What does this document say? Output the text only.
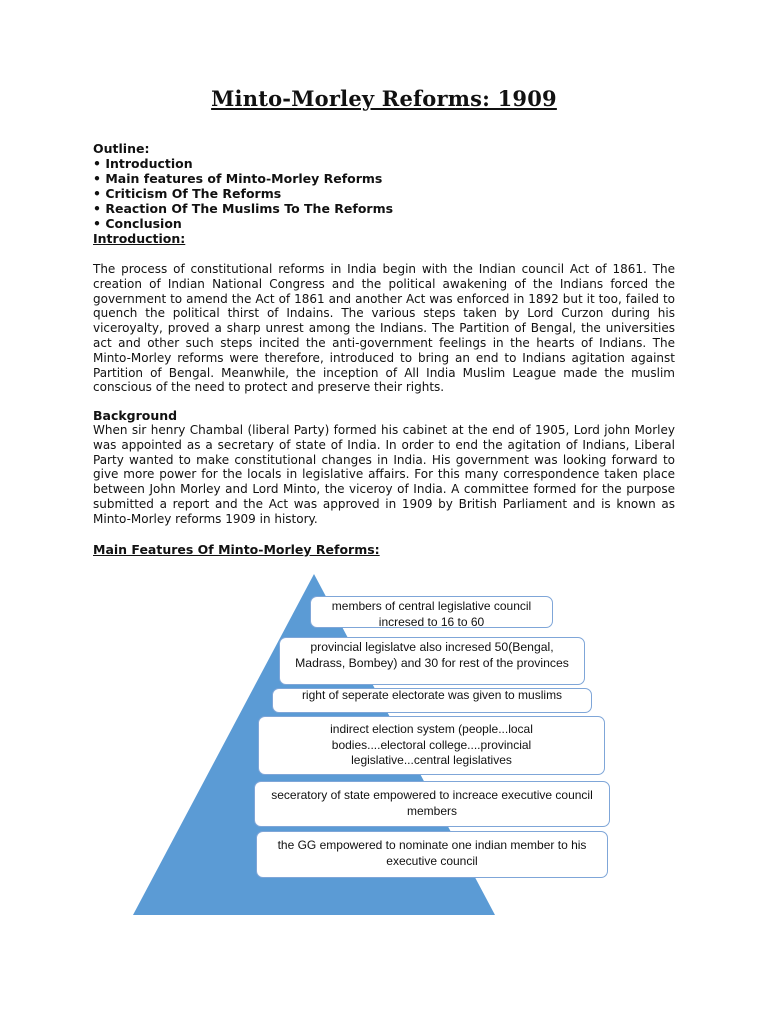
Minto-Morley Reforms: 1909
Outline:
• Introduction
• Main features of Minto-Morley Reforms
• Criticism Of The Reforms
• Reaction Of The Muslims To The Reforms
• Conclusion
Introduction:
The process of constitutional reforms in India begin with the Indian council Act of 1861. The creation of Indian National Congress and the political awakening of the Indians forced the government to amend the Act of 1861 and another Act was enforced in 1892 but it too, failed to quench the political thirst of Indains. The various steps taken by Lord Curzon during his viceroyalty, proved a sharp unrest among the Indians. The Partition of Bengal, the universities act and other such steps incited the anti-government feelings in the hearts of Indians. The Minto-Morley reforms were therefore, introduced to bring an end to Indians agitation against Partition of Bengal. Meanwhile, the inception of All India Muslim League made the muslim conscious of the need to protect and preserve their rights.
Background
When sir henry Chambal (liberal Party) formed his cabinet at the end of 1905, Lord john Morley was appointed as a secretary of state of India. In order to end the agitation of Indians, Liberal Party wanted to make constitutional changes in India. His government was looking forward to give more power for the locals in legislative affairs. For this many correspondence taken place between John Morley and Lord Minto, the viceroy of India. A committee formed for the purpose submitted a report and the Act was approved in 1909 by British Parliament and is known as Minto-Morley reforms 1909 in history.
Main Features Of Minto-Morley Reforms:
members of central legislative council incresed to 16 to 60
provincial legislatve also incresed 50(Bengal, Madrass, Bombey) and 30 for rest of the provinces
right of seperate electorate was given to muslims
indirect election system (people...local bodies....electoral college....provincial legislative...central legislatives
seceratory of state empowered to increace executive council members
the GG empowered to nominate one indian member to his executive council
